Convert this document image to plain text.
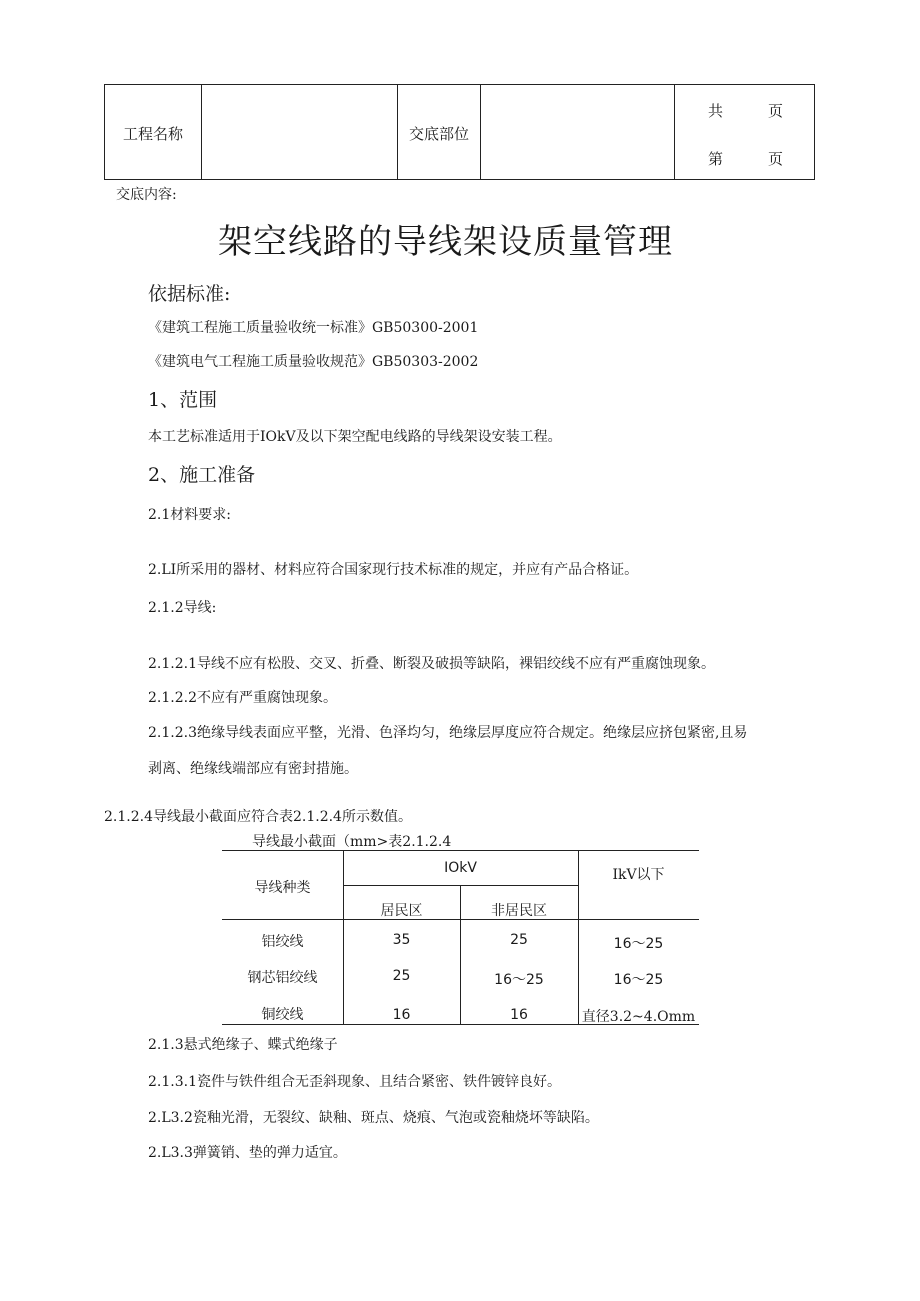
工程名称	交底部位
共	页
第	页
交底内容:
架空线路的导线架设质量管理
依据标准:
《建筑工程施工质量验收统一标准》GB50300-2001
《建筑电气工程施工质量验收规范》GB50303-2002
1、范围
本工艺标准适用于IOkV及以下架空配电线路的导线架设安装工程。
2、施工准备
2.1材料要求:
2.LI所采用的器材、材料应符合国家现行技术标准的规定，并应有产品合格证。
2.1.2导线:
2.1.2.1导线不应有松股、交叉、折叠、断裂及破损等缺陷，裸铝绞线不应有严重腐蚀现象。
2.1.2.2不应有严重腐蚀现象。
2.1.2.3绝缘导线表面应平整，光滑、色泽均匀，绝缘层厚度应符合规定。绝缘层应挤包紧密,且易
剥离、绝缘线端部应有密封措施。
2.1.2.4导线最小截面应符合表2.1.2.4所示数值。
导线最小截面（mm>表2.1.2.4
导线种类
IOkV
居民区	非居民区
IkV以下
铝绞线	35	25	16～25
钢芯铝绞线	25	16～25	16～25
铜绞线	16	16	直径3.2~4.Omm
2.1.3悬式绝缘子、蝶式绝缘子
2.1.3.1瓷件与铁件组合无歪斜现象、且结合紧密、铁件镀锌良好。
2.L3.2瓷釉光滑，无裂纹、缺釉、斑点、烧痕、气泡或瓷釉烧坏等缺陷。
2.L3.3弹簧销、垫的弹力适宜。
